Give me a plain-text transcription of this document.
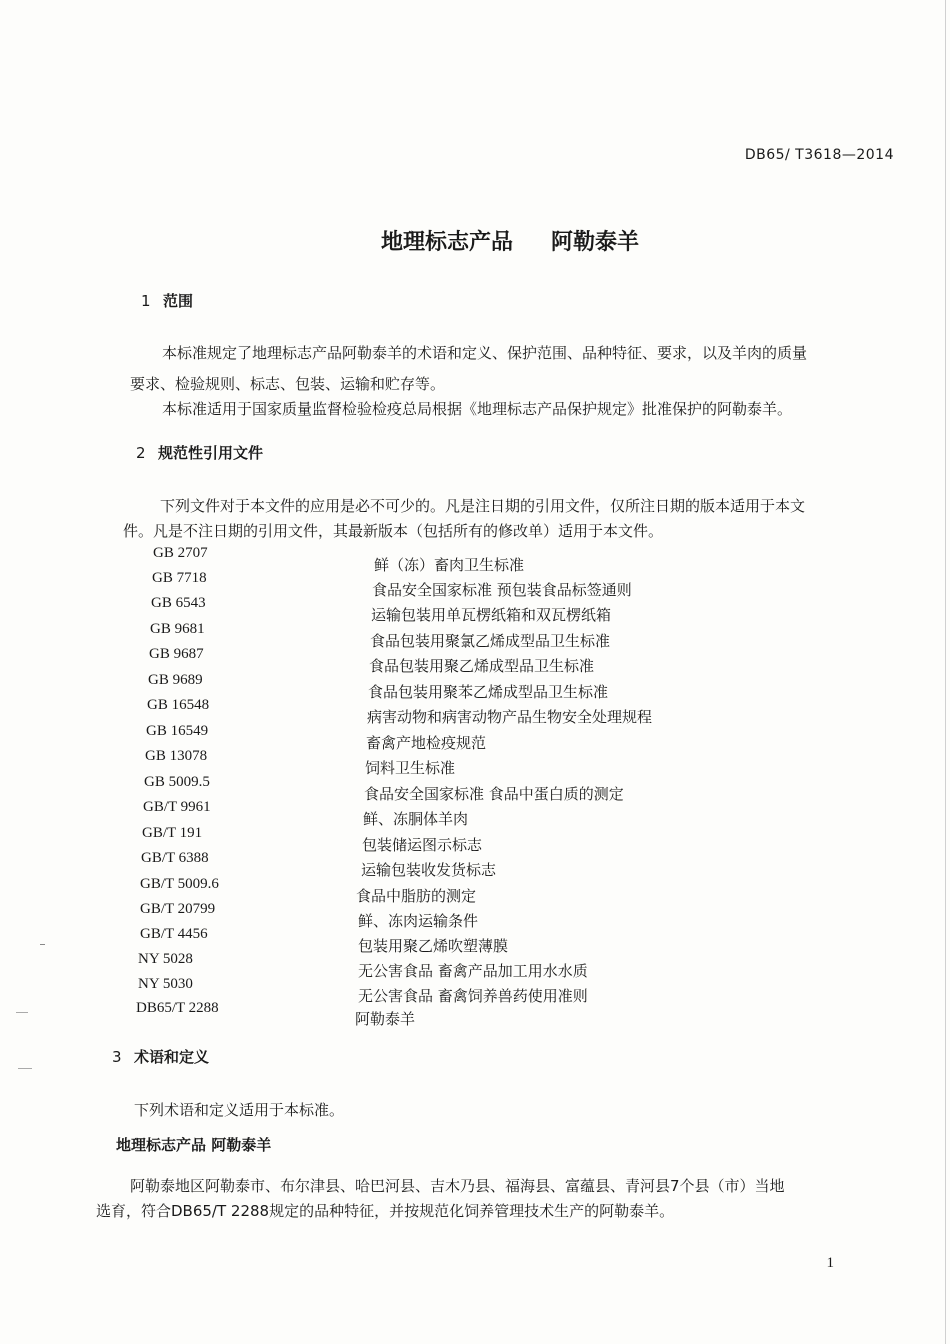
DB65/ T3618—2014
地理标志产品 阿勒泰羊
1 范围
本标准规定了地理标志产品阿勒泰羊的术语和定义、保护范围、品种特征、要求，以及羊肉的质量
要求、检验规则、标志、包装、运输和贮存等。
本标准适用于国家质量监督检验检疫总局根据《地理标志产品保护规定》批准保护的阿勒泰羊。
2 规范性引用文件
下列文件对于本文件的应用是必不可少的。凡是注日期的引用文件，仅所注日期的版本适用于本文
件。凡是不注日期的引用文件，其最新版本（包括所有的修改单）适用于本文件。
GB 2707
鲜（冻）畜肉卫生标准
GB 7718
食品安全国家标准 预包装食品标签通则
GB 6543
运输包装用单瓦楞纸箱和双瓦楞纸箱
GB 9681
食品包装用聚氯乙烯成型品卫生标准
GB 9687
食品包装用聚乙烯成型品卫生标准
GB 9689
食品包装用聚苯乙烯成型品卫生标准
GB 16548
病害动物和病害动物产品生物安全处理规程
GB 16549
畜禽产地检疫规范
GB 13078
饲料卫生标准
GB 5009.5
食品安全国家标准 食品中蛋白质的测定
GB/T 9961
鲜、冻胴体羊肉
GB/T 191
包装储运图示标志
GB/T 6388
运输包装收发货标志
GB/T 5009.6
食品中脂肪的测定
GB/T 20799
鲜、冻肉运输条件
GB/T 4456
包装用聚乙烯吹塑薄膜
NY 5028
无公害食品 畜禽产品加工用水水质
NY 5030
无公害食品 畜禽饲养兽药使用准则
DB65/T 2288
阿勒泰羊
3 术语和定义
下列术语和定义适用于本标准。
地理标志产品 阿勒泰羊
阿勒泰地区阿勒泰市、布尔津县、哈巴河县、吉木乃县、福海县、富蕴县、青河县7个县（市）当地
选育，符合DB65/T 2288规定的品种特征，并按规范化饲养管理技术生产的阿勒泰羊。
1
